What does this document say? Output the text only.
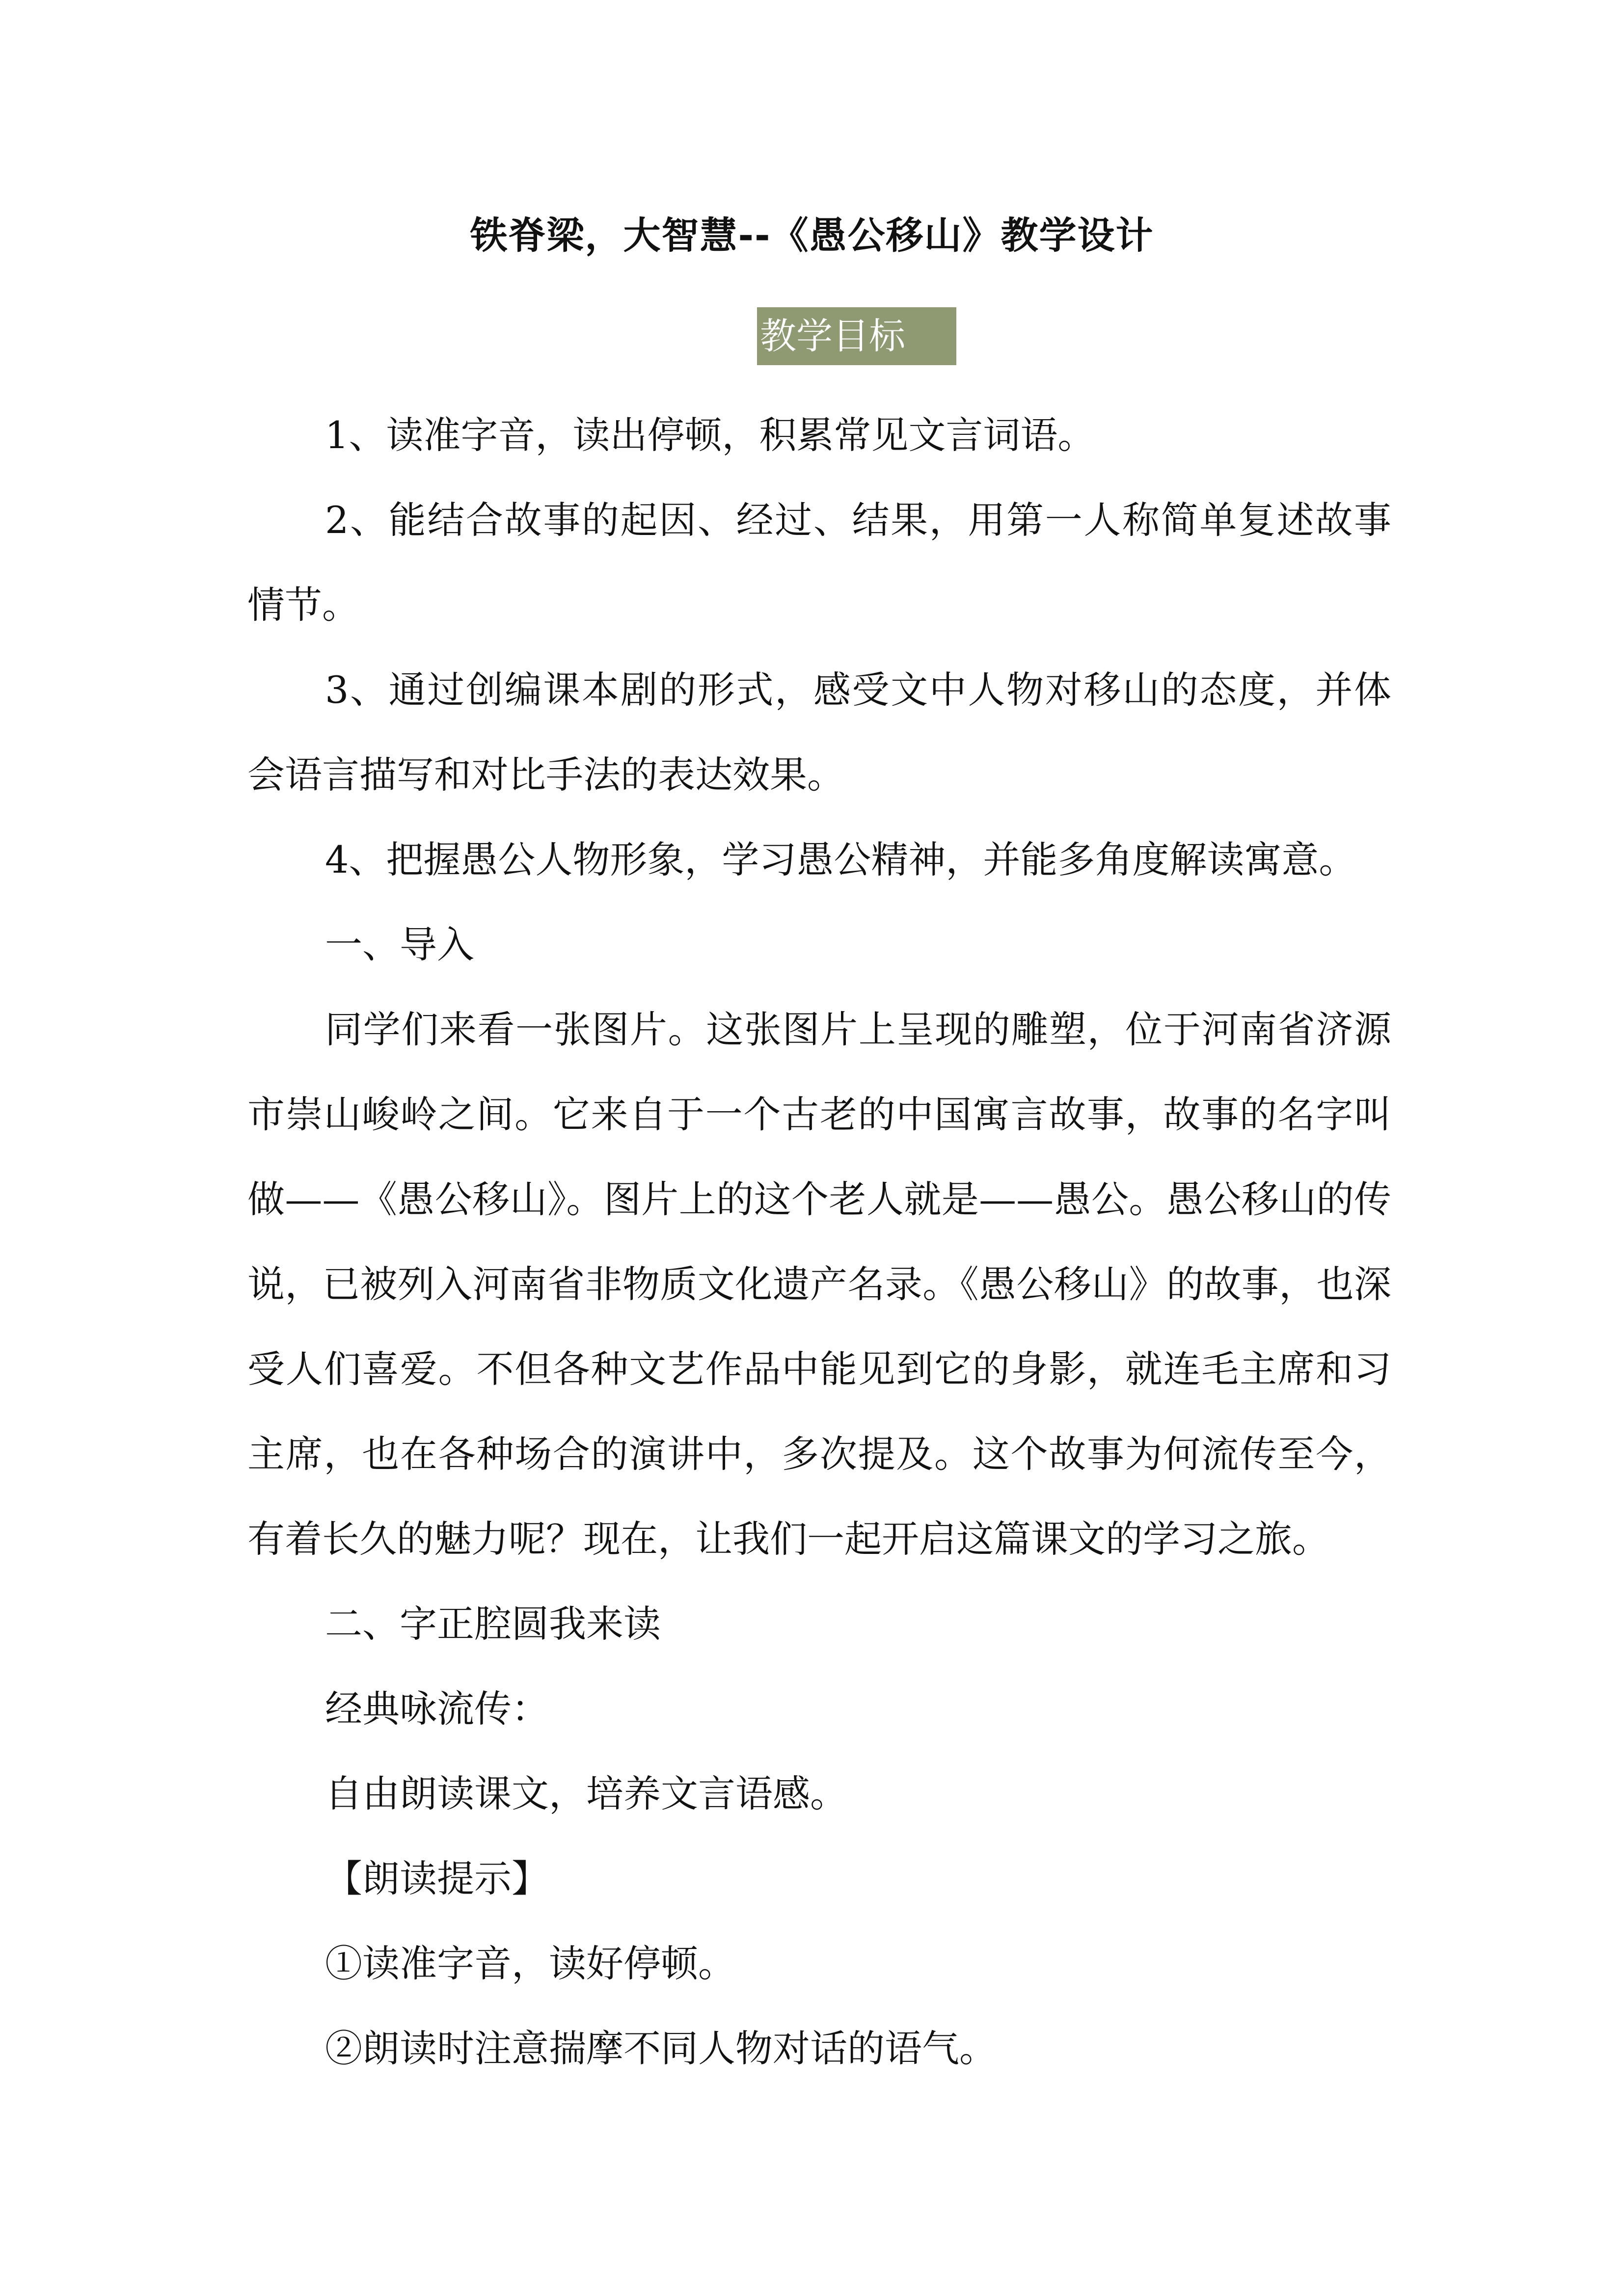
铁脊梁，大智慧--《愚公移山》教学设计
教学目标

1、读准字音，读出停顿，积累常见文言词语。

2、能结合故事的起因、经过、结果，用第一人称简单复述故事情节。

3、通过创编课本剧的形式，感受文中人物对移山的态度，并体会语言描写和对比手法的表达效果。

4、把握愚公人物形象，学习愚公精神，并能多角度解读寓意。

一、导入

同学们来看一张图片。这张图片上呈现的雕塑，位于河南省济源市崇山峻岭之间。它来自于一个古老的中国寓言故事，故事的名字叫做——《愚公移山》。图片上的这个老人就是——愚公。愚公移山的传说，已被列入河南省非物质文化遗产名录。《愚公移山》的故事，也深受人们喜爱。不但各种文艺作品中能见到它的身影，就连毛主席和习主席，也在各种场合的演讲中，多次提及。这个故事为何流传至今，有着长久的魅力呢？现在，让我们一起开启这篇课文的学习之旅。

二、字正腔圆我来读

经典咏流传：

自由朗读课文，培养文言语感。

【朗读提示】

①读准字音，读好停顿。

②朗读时注意揣摩不同人物对话的语气。
